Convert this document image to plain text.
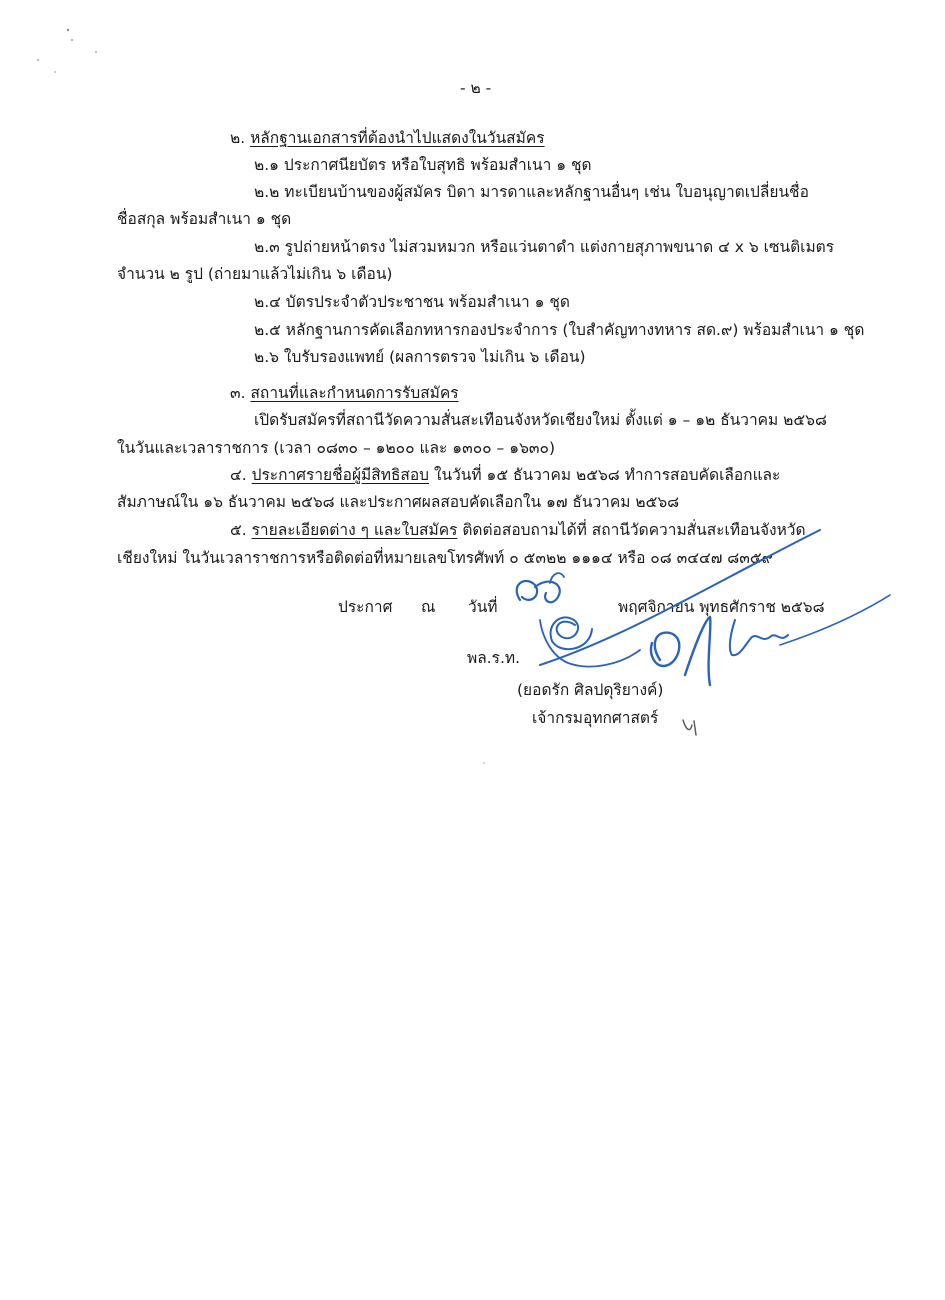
- ๒ -
๒. หลักฐานเอกสารที่ต้องนำไปแสดงในวันสมัคร
๒.๑ ประกาศนียบัตร หรือใบสุทธิ พร้อมสำเนา ๑ ชุด
๒.๒ ทะเบียนบ้านของผู้สมัคร บิดา มารดาและหลักฐานอื่นๆ เช่น ใบอนุญาตเปลี่ยนชื่อ
ชื่อสกุล พร้อมสำเนา ๑ ชุด
๒.๓ รูปถ่ายหน้าตรง ไม่สวมหมวก หรือแว่นตาดำ แต่งกายสุภาพขนาด ๔ x ๖ เซนติเมตร
จำนวน ๒ รูป (ถ่ายมาแล้วไม่เกิน ๖ เดือน)
๒.๔ บัตรประจำตัวประชาชน พร้อมสำเนา ๑ ชุด
๒.๕ หลักฐานการคัดเลือกทหารกองประจำการ (ใบสำคัญทางทหาร สด.๙) พร้อมสำเนา ๑ ชุด
๒.๖ ใบรับรองแพทย์ (ผลการตรวจ ไม่เกิน ๖ เดือน)
๓. สถานที่และกำหนดการรับสมัคร
เปิดรับสมัครที่สถานีวัดความสั่นสะเทือนจังหวัดเชียงใหม่ ตั้งแต่ ๑ – ๑๒ ธันวาคม ๒๕๖๘
ในวันและเวลาราชการ (เวลา ๐๘๓๐ – ๑๒๐๐ และ ๑๓๐๐ – ๑๖๓๐)
๔. ประกาศรายชื่อผู้มีสิทธิสอบ ในวันที่ ๑๕ ธันวาคม ๒๕๖๘ ทำการสอบคัดเลือกและ
สัมภาษณ์ใน ๑๖ ธันวาคม ๒๕๖๘ และประกาศผลสอบคัดเลือกใน ๑๗ ธันวาคม ๒๕๖๘
๕. รายละเอียดต่าง ๆ และใบสมัคร ติดต่อสอบถามได้ที่ สถานีวัดความสั่นสะเทือนจังหวัด
เชียงใหม่ ในวันเวลาราชการหรือติดต่อที่หมายเลขโทรศัพท์ ๐ ๕๓๒๒ ๑๑๑๔ หรือ ๐๘ ๓๔๔๗ ๘๓๕๙
ประกาศ ณ วันที่	พฤศจิกายน พุทธศักราช ๒๕๖๘
พล.ร.ท.
(ยอดรัก ศิลปดุริยางค์)
เจ้ากรมอุทกศาสตร์
